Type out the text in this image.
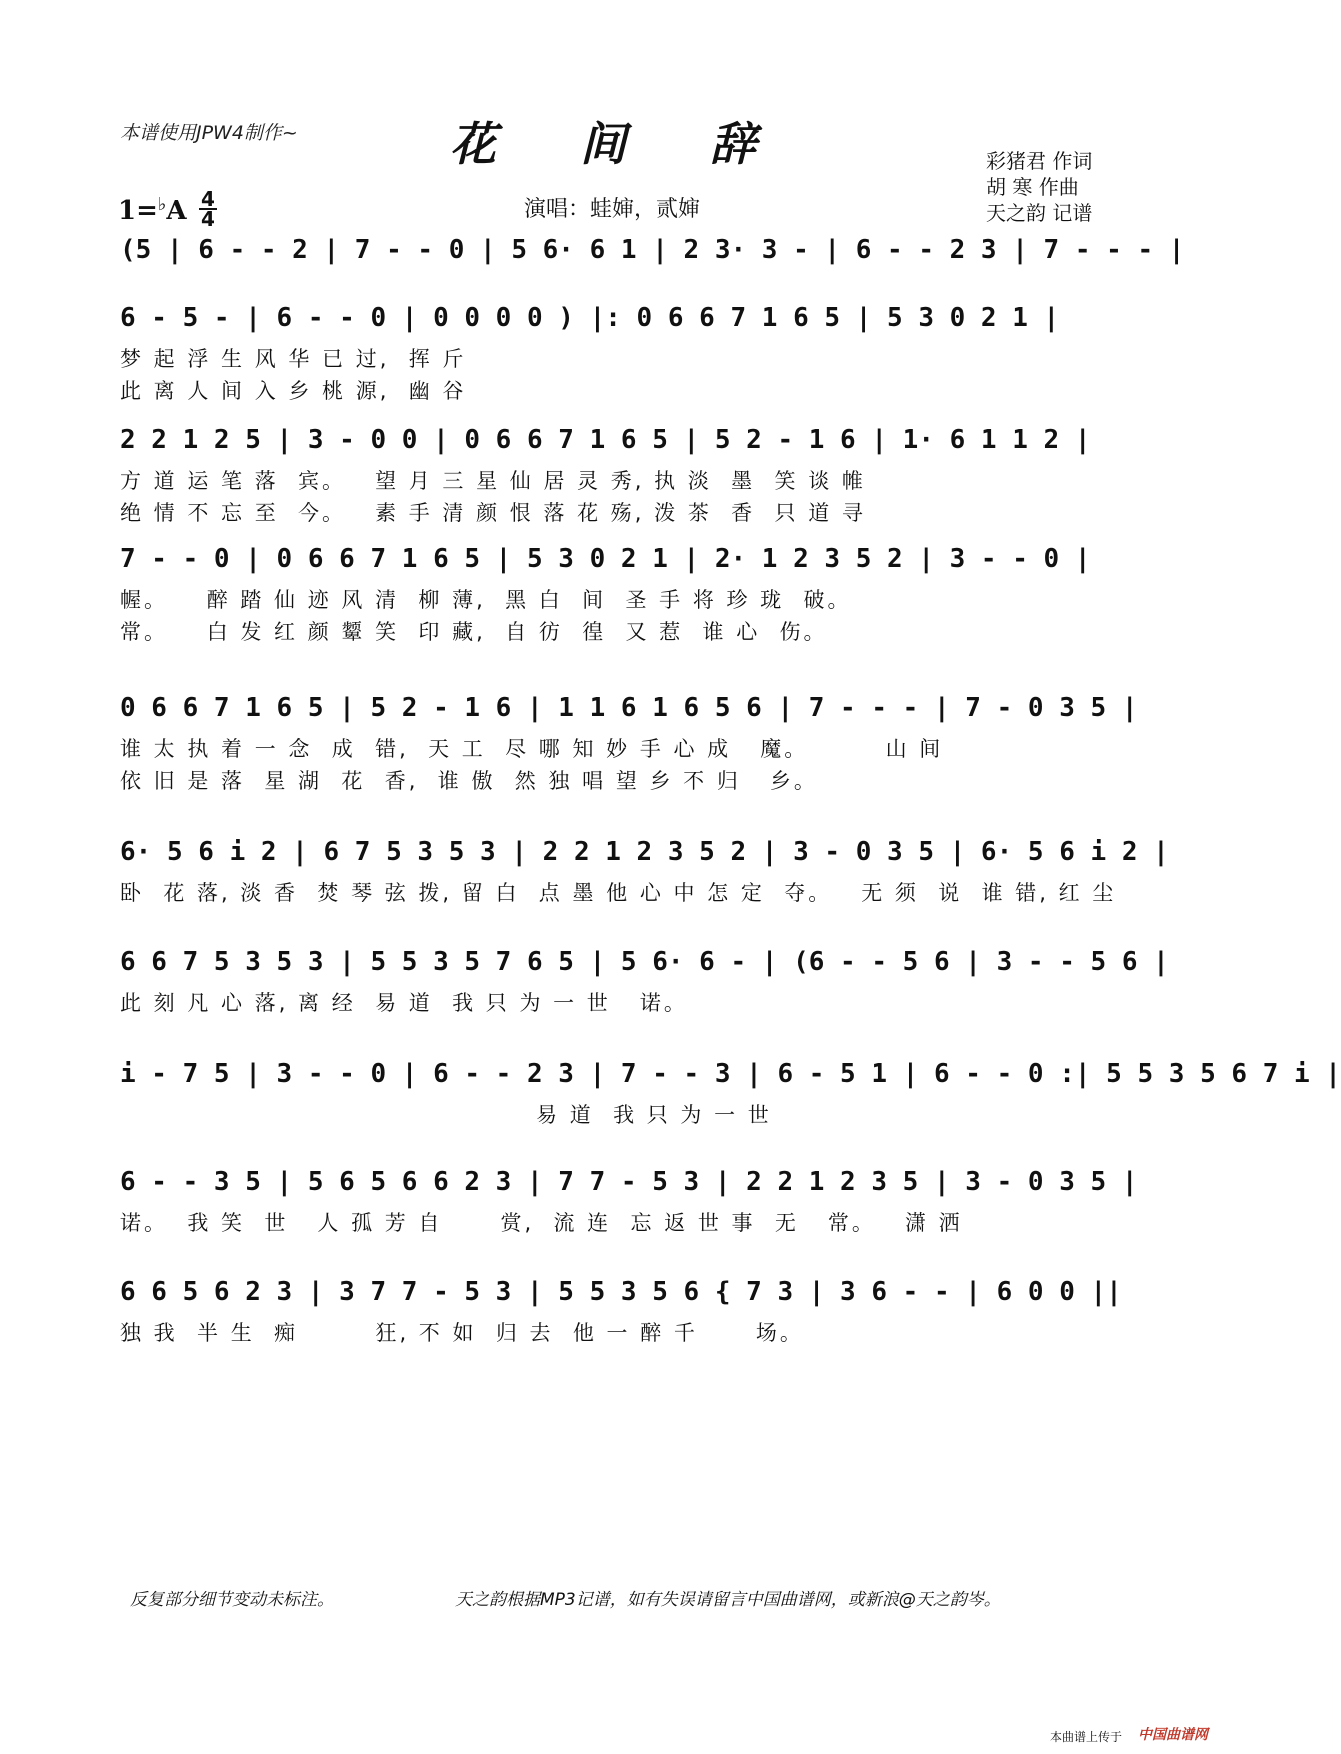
本谱使用JPW4制作~	花 间 辞	彩猪君 作词
胡 寒 作曲
天之韵 记谱
1=♭A 4
4	演唱：蛙婶，贰婶
(5 | 6 - - 2 | 7 - - 0 | 5 6· 6 1 | 2 3· 3 - | 6 - - 2 3 | 7 - - - |
6 - 5 - | 6 - - 0 | 0 0 0 0 ) |: 0 6 6 7 1 6 5 | 5 3 0 2 1 |
梦 起 浮 生 风 华 已 过,  挥 斤
此 离 人 间 入 乡 桃 源,  幽 谷
2 2 1 2 5 | 3 - 0 0 | 0 6 6 7 1 6 5 | 5 2 - 1 6 | 1· 6 1 1 2 |
方 道 运 笔 落  宾。   望 月 三 星 仙 居 灵 秀, 执 淡  墨  笑 谈 帷
绝 情 不 忘 至  今。   素 手 清 颜 恨 落 花 殇, 泼 茶  香  只 道 寻
7 - - 0 | 0 6 6 7 1 6 5 | 5 3 0 2 1 | 2· 1 2 3 5 2 | 3 - - 0 |
幄。    醉 踏 仙 迹 风 清  柳 薄,  黑 白  间  圣 手 将 珍 珑  破。
常。    白 发 红 颜 颦 笑  印 藏,  自 彷  徨  又 惹  谁 心  伤。
0 6 6 7 1 6 5 | 5 2 - 1 6 | 1 1 6 1 6 5 6 | 7 - - - | 7 - 0 3 5 |
谁 太 执 着 一 念  成  错,  天 工  尽 哪 知 妙 手 心 成   魔。        山 间
依 旧 是 落  星 湖  花  香,  谁 傲  然 独 唱 望 乡 不 归   乡。
6· 5 6 i 2 | 6 7 5 3 5 3 | 2 2 1 2 3 5 2 | 3 - 0 3 5 | 6· 5 6 i 2 |
卧  花 落, 淡 香  焚 琴 弦 拨, 留 白  点 墨 他 心 中 怎 定  夺。   无 须  说  谁 错, 红 尘
6 6 7 5 3 5 3 | 5 5 3 5 7 6 5 | 5 6· 6 - | (6 - - 5 6 | 3 - - 5 6 |
此 刻 凡 心 落, 离 经  易 道  我 只 为 一 世   诺。
i - 7 5 | 3 - - 0 | 6 - - 2 3 | 7 - - 3 | 6 - 5 1 | 6 - - 0 :| 5 5 3 5 6 7 i |
易 道  我 只 为 一 世
6 - - 3 5 | 5 6 5 6 6 2 3 | 7 7 - 5 3 | 2 2 1 2 3 5 | 3 - 0 3 5 |
诺。  我 笑  世   人 孤 芳 自      赏,  流 连  忘 返 世 事  无   常。   潇 洒
6 6 5 6 2 3 | 3 7 7 - 5 3 | 5 5 3 5 6 { 7 3 | 3 6 - - | 6 0 0 ||
独 我  半 生  痴        狂, 不 如  归 去  他 一 醉 千      场。
反复部分细节变动未标注。	天之韵根据MP3记谱，如有失误请留言中国曲谱网，或新浪@天之韵岑。
本曲谱上传于 中国曲谱网
